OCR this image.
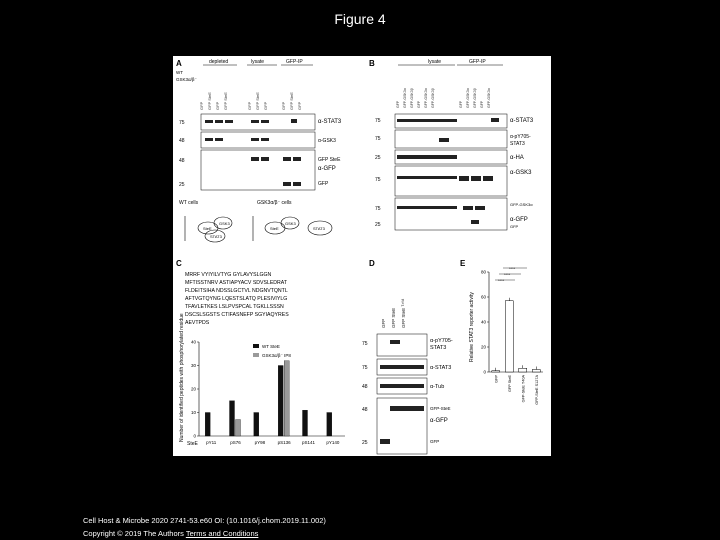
Figure 4
A	depleted	lysate	GFP-IP
WT
GSK3α/β⁻
GFP GFP SteE GFP GFP SteE	GFP GFP SteE GFP	GFP GFP SteE GFP
75
48
48
25
α-STAT3
α-GSK3
GFP SteE
α-GFP
GFP
WT cells	GSK3α/β⁻ cells
GSK3
STAT3
SteE
GSK3
STAT3
SteE
B	lysate	GFP-IP
GFP GFP-GSK3α GFP-GSK3β GFP GFP-GSK3α GFP-GSK3β	GFP GFP-GSK3α GFP-GSK3β GFP GFP-GSK3α
75
75
25
75
75
25
α-STAT3
α-pY705-
STAT3
α-HA
α-GSK3
GFP-GSK3α
α-GFP
GFP
C
MRRF VYIYILVTYG GYLAVYSLGGN
MFTISSTNRV ASTIAPYACV SDVSLEDRAT
FLDEITSIHA NDSSLGCTVL NDGNVTQNTL
AFTVGTQYNG LQESTSLATQ PLESIVIYLG
TFAVLETKES LSLPVSPCAL TGKLLSSSN
DSCSLSGSTS CTIFASNEFP SGYIAQYRES
AEVTPDS
0
10
20
30
40
pY11	pS76	pY98	pS136	pS141	pY140
WT SteE
GSK3α/β⁻ IP8
Number of identified peptides with phosphorylated residue
SteE
D
GFP GFP SteE GFP SteE ᵀ⁴⁰ᴬ
75
75
48
48
25
α-pY705-
STAT3
α-STAT3
α-Tub
GFP-SteE
α-GFP
GFP
E
0
20
40
60
80
GFP	GFP SteE	GFP-SteE T40A	GFP-SteE S127A
Relative STAT3 reporter activity
****
****
****
Cell Host & Microbe 2020 2741-53.e60 OI: (10.1016/j.chom.2019.11.002)
Copyright © 2019 The Authors Terms and Conditions
